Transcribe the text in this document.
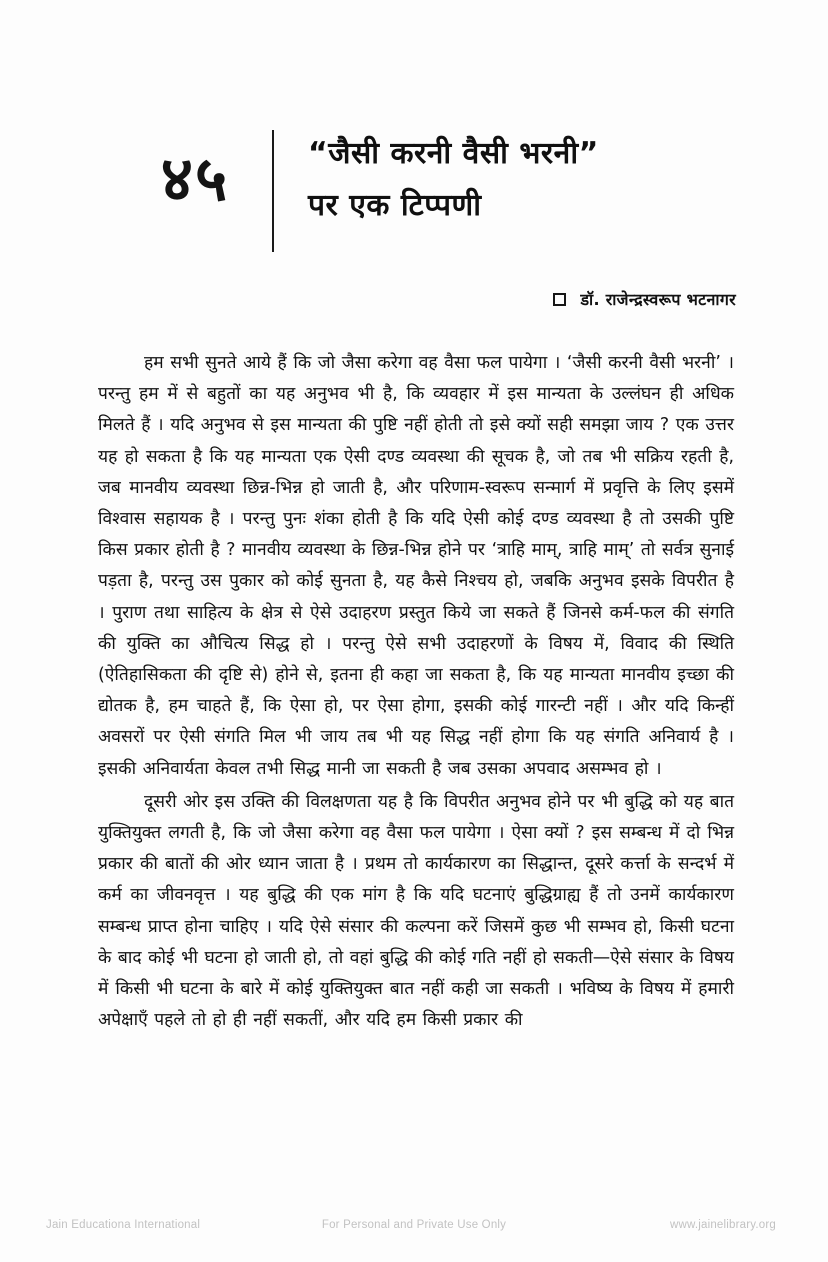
४५	“जैसी करनी वैसी भरनी”
पर एक टिप्पणी
डॉ. राजेन्द्रस्वरूप भटनागर

हम सभी सुनते आये हैं कि जो जैसा करेगा वह वैसा फल पायेगा । ‘जैसी करनी वैसी भरनी’ । परन्तु हम में से बहुतों का यह अनुभव भी है, कि व्यवहार में इस मान्यता के उल्लंघन ही अधिक मिलते हैं । यदि अनुभव से इस मान्यता की पुष्टि नहीं होती तो इसे क्यों सही समझा जाय ? एक उत्तर यह हो सकता है कि यह मान्यता एक ऐसी दण्ड व्यवस्था की सूचक है, जो तब भी सक्रिय रहती है, जब मानवीय व्यवस्था छिन्न-भिन्न हो जाती है, और परिणाम-स्वरूप सन्मार्ग में प्रवृत्ति के लिए इसमें विश्वास सहायक है । परन्तु पुनः शंका होती है कि यदि ऐसी कोई दण्ड व्यवस्था है तो उसकी पुष्टि किस प्रकार होती है ? मानवीय व्यवस्था के छिन्न-भिन्न होने पर ‘त्राहि माम्, त्राहि माम्’ तो सर्वत्र सुनाई पड़ता है, परन्तु उस पुकार को कोई सुनता है, यह कैसे निश्चय हो, जबकि अनुभव इसके विपरीत है । पुराण तथा साहित्य के क्षेत्र से ऐसे उदाहरण प्रस्तुत किये जा सकते हैं जिनसे कर्म-फल की संगति की युक्ति का औचित्य सिद्ध हो । परन्तु ऐसे सभी उदाहरणों के विषय में, विवाद की स्थिति (ऐतिहासिकता की दृष्टि से) होने से, इतना ही कहा जा सकता है, कि यह मान्यता मानवीय इच्छा की द्योतक है, हम चाहते हैं, कि ऐसा हो, पर ऐसा होगा, इसकी कोई गारन्टी नहीं । और यदि किन्हीं अवसरों पर ऐसी संगति मिल भी जाय तब भी यह सिद्ध नहीं होगा कि यह संगति अनिवार्य है । इसकी अनिवार्यता केवल तभी सिद्ध मानी जा सकती है जब उसका अपवाद असम्भव हो ।

दूसरी ओर इस उक्ति की विलक्षणता यह है कि विपरीत अनुभव होने पर भी बुद्धि को यह बात युक्तियुक्त लगती है, कि जो जैसा करेगा वह वैसा फल पायेगा । ऐसा क्यों ? इस सम्बन्ध में दो भिन्न प्रकार की बातों की ओर ध्यान जाता है । प्रथम तो कार्यकारण का सिद्धान्त, दूसरे कर्त्ता के सन्दर्भ में कर्म का जीवनवृत्त । यह बुद्धि की एक मांग है कि यदि घटनाएं बुद्धिग्राह्य हैं तो उनमें कार्यकारण सम्बन्ध प्राप्त होना चाहिए । यदि ऐसे संसार की कल्पना करें जिसमें कुछ भी सम्भव हो, किसी घटना के बाद कोई भी घटना हो जाती हो, तो वहां बुद्धि की कोई गति नहीं हो सकती—ऐसे संसार के विषय में किसी भी घटना के बारे में कोई युक्तियुक्त बात नहीं कही जा सकती । भविष्य के विषय में हमारी अपेक्षाएँ पहले तो हो ही नहीं सकतीं, और यदि हम किसी प्रकार की

Jain Educationa International	For Personal and Private Use Only	www.jainelibrary.org
